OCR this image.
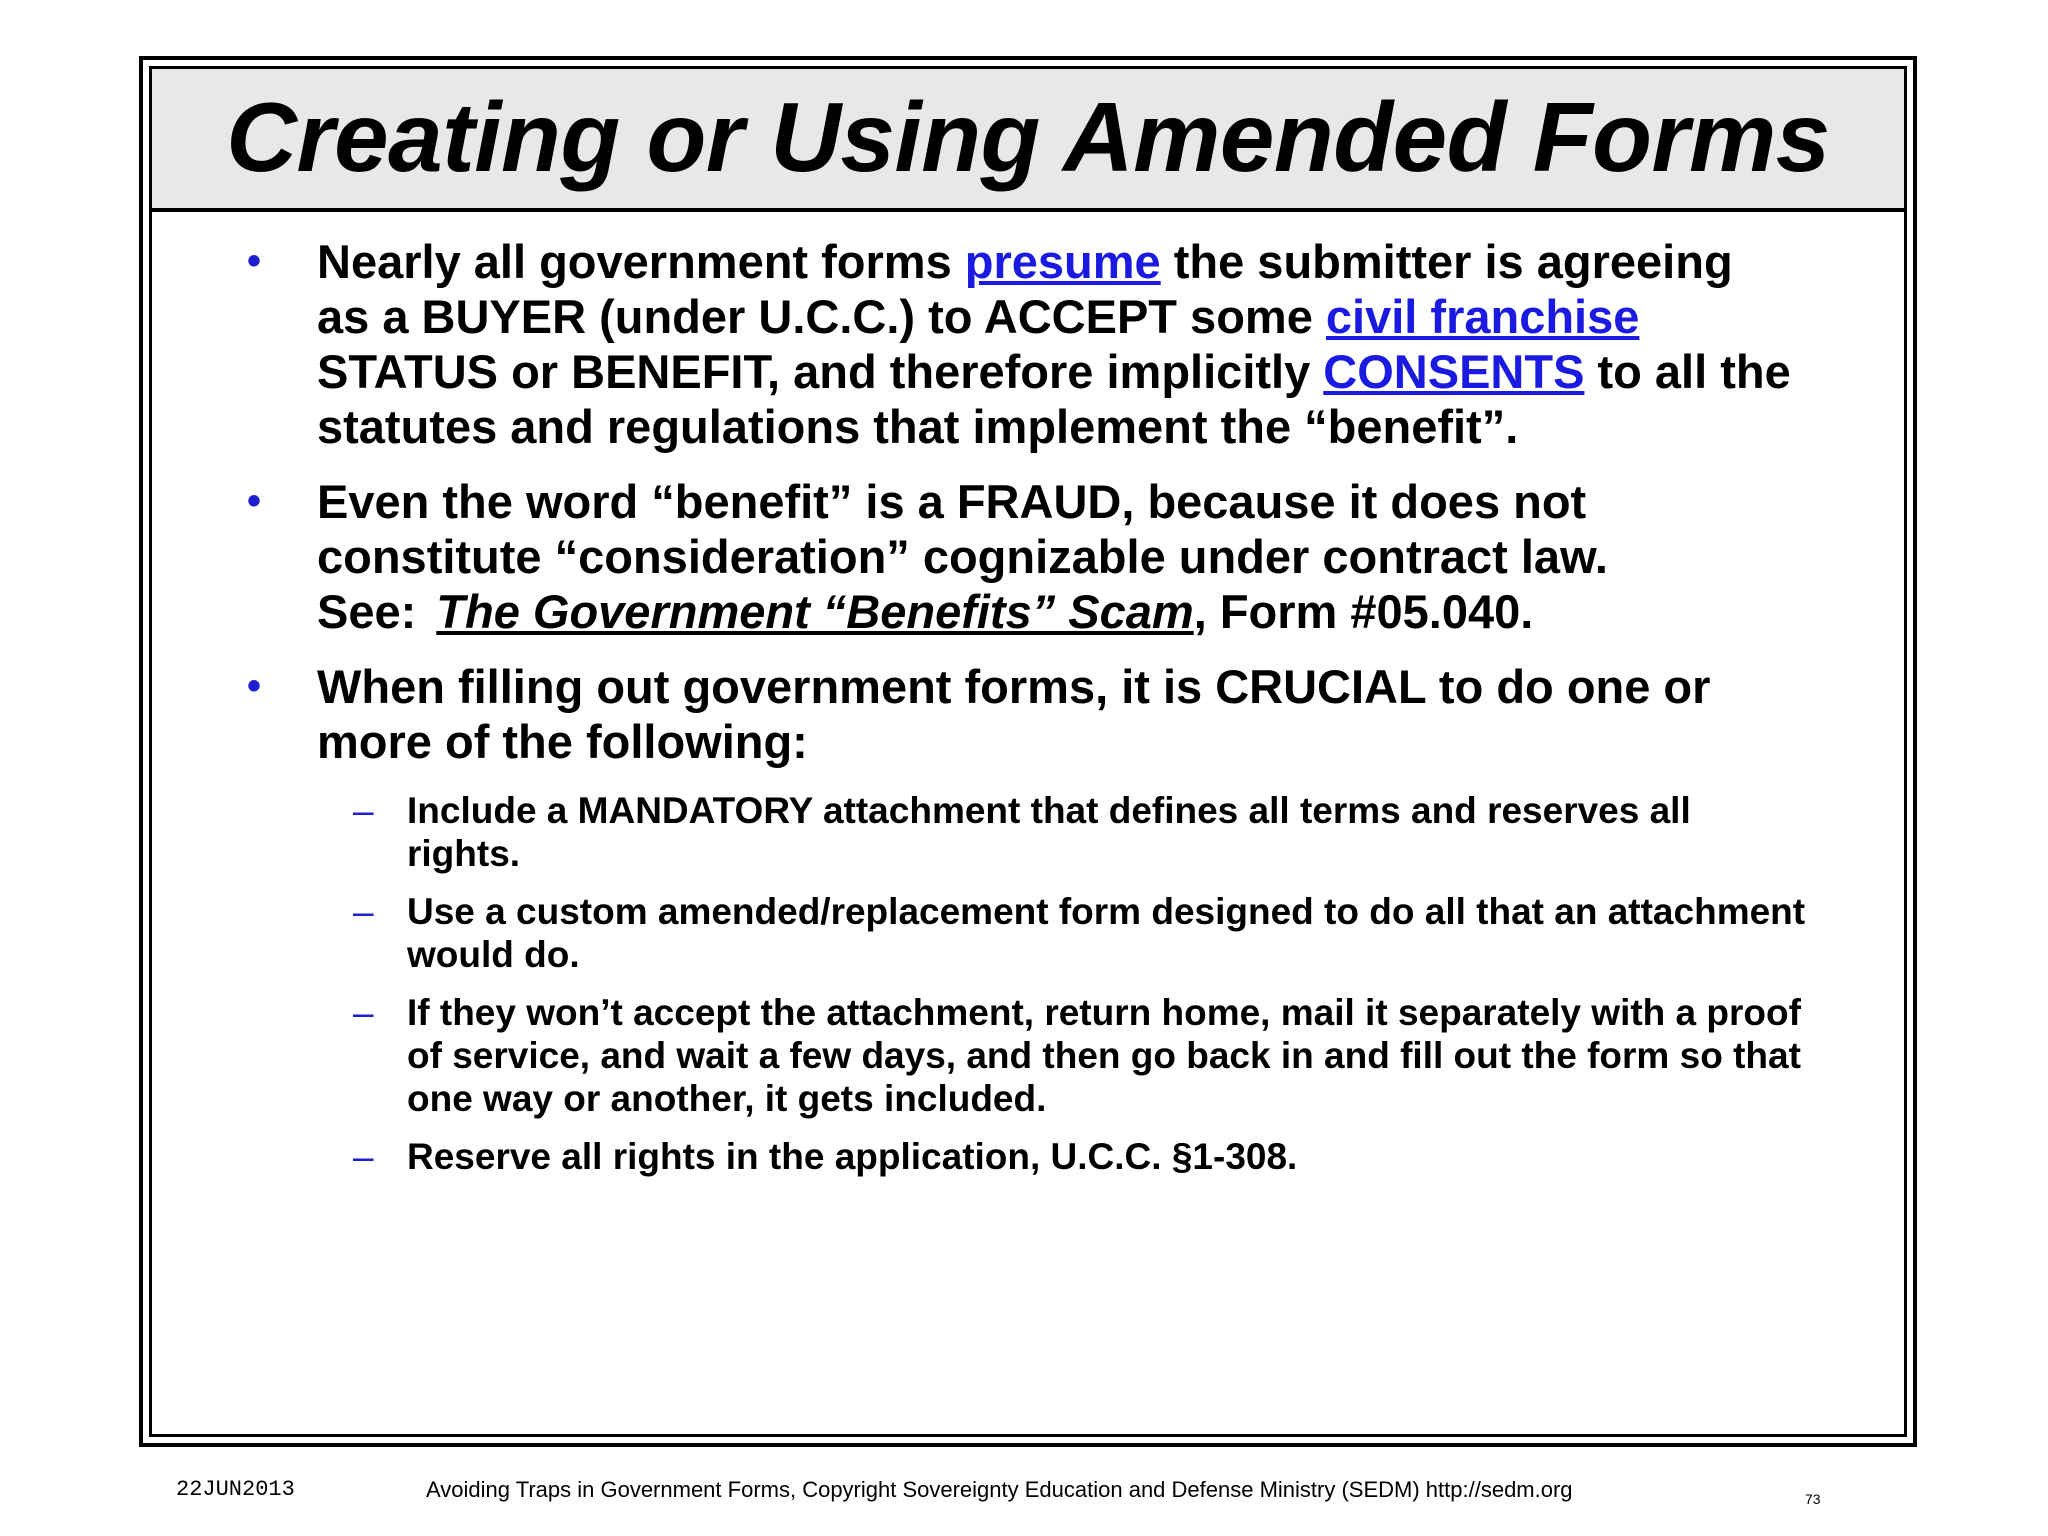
Creating or Using Amended Forms
• Nearly all government forms presume the submitter is agreeing as a BUYER (under U.C.C.) to ACCEPT some civil franchise STATUS or BENEFIT, and therefore implicitly CONSENTS to all the statutes and regulations that implement the “benefit”.
• Even the word “benefit” is a FRAUD, because it does not constitute “consideration” cognizable under contract law. See: The Government “Benefits” Scam, Form #05.040.
• When filling out government forms, it is CRUCIAL to do one or more of the following:
– Include a MANDATORY attachment that defines all terms and reserves all rights.
– Use a custom amended/replacement form designed to do all that an attachment would do.
– If they won’t accept the attachment, return home, mail it separately with a proof of service, and wait a few days, and then go back in and fill out the form so that one way or another, it gets included.
– Reserve all rights in the application, U.C.C. §1-308.
22JUN2013	Avoiding Traps in Government Forms, Copyright Sovereignty Education and Defense Ministry (SEDM) http://sedm.org	73
